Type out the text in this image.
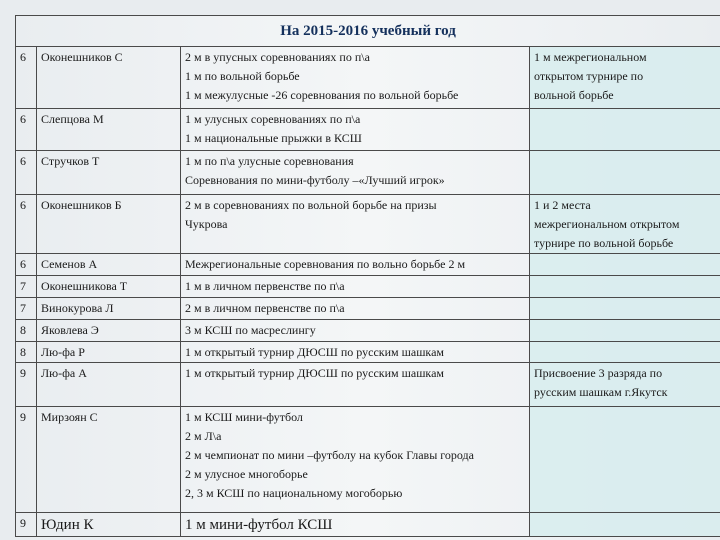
На 2015-2016 учебный год			
6	Оконешников С	2 м в упусных соревнованиях по п\а
1 м по вольной борьбе
1 м межулусные -26 соревнования по вольной борьбе	1 м межрегиональном
открытом турнире по
вольной борьбе

6	Слепцова М	1 м улусных соревнованиях по п\а
1 м национальные прыжки в КСШ	

6	Стручков Т	1 м по п\а улусные соревнования
Соревнования по мини-футболу –«Лучший игрок»	

6	Оконешников Б	2 м в соревнованиях по вольной борьбе на призы
Чукрова	1 и 2 места
межрегиональном открытом
турнире по вольной борьбе

6	Семенов А	Межрегиональные соревнования по вольно борьбе 2 м	

7	Оконешникова Т	1 м в личном первенстве по п\а	

7	Винокурова Л	2 м в личном первенстве по п\а	

8	Яковлева Э	3 м КСШ по масреслингу	

8	Лю-фа Р	1 м открытый турнир ДЮСШ по русским шашкам	

9	Лю-фа А	1 м открытый турнир ДЮСШ по русским шашкам	Присвоение 3 разряда по
русским шашкам г.Якутск

9	Мирзоян С	1 м КСШ мини-футбол
2 м Л\а
2 м чемпионат по мини –футболу на кубок Главы города
2 м улусное многоборье
2, 3 м КСШ по национальному могоборью	

9	Юдин К	1 м мини-футбол КСШ	
